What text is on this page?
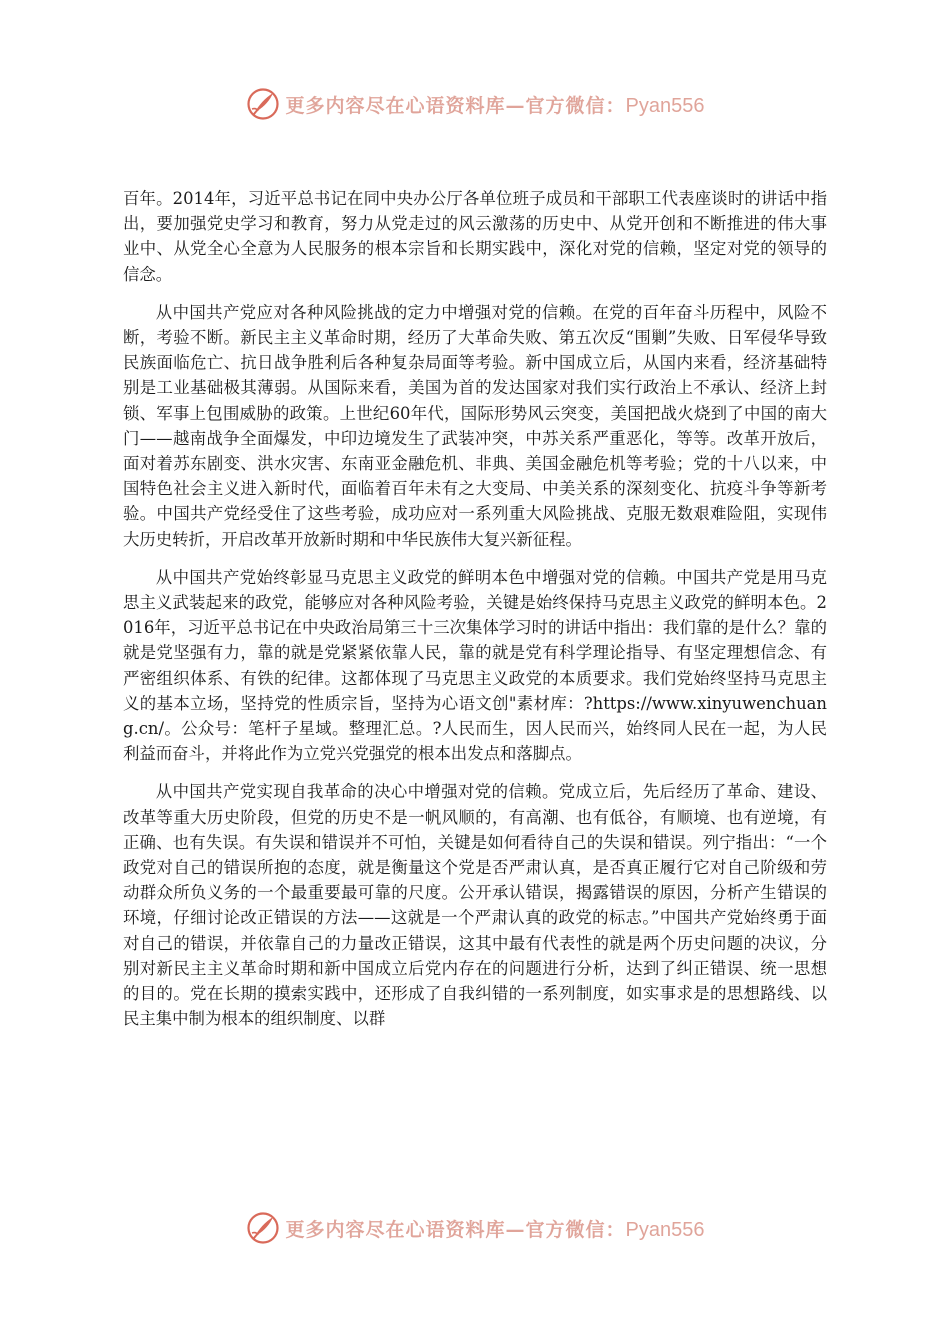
更多内容尽在心语资料库—官方微信：Pyan556

百年。2014年，习近平总书记在同中央办公厅各单位班子成员和干部职工代表座谈时的讲话中指出，要加强党史学习和教育，努力从党走过的风云激荡的历史中、从党开创和不断推进的伟大事业中、从党全心全意为人民服务的根本宗旨和长期实践中，深化对党的信赖，坚定对党的领导的信念。

从中国共产党应对各种风险挑战的定力中增强对党的信赖。在党的百年奋斗历程中，风险不断，考验不断。新民主主义革命时期，经历了大革命失败、第五次反“围剿”失败、日军侵华导致民族面临危亡、抗日战争胜利后各种复杂局面等考验。新中国成立后，从国内来看，经济基础特别是工业基础极其薄弱。从国际来看，美国为首的发达国家对我们实行政治上不承认、经济上封锁、军事上包围威胁的政策。上世纪60年代，国际形势风云突变，美国把战火烧到了中国的南大门——越南战争全面爆发，中印边境发生了武装冲突，中苏关系严重恶化，等等。改革开放后，面对着苏东剧变、洪水灾害、东南亚金融危机、非典、美国金融危机等考验；党的十八以来，中国特色社会主义进入新时代，面临着百年未有之大变局、中美关系的深刻变化、抗疫斗争等新考验。中国共产党经受住了这些考验，成功应对一系列重大风险挑战、克服无数艰难险阻，实现伟大历史转折，开启改革开放新时期和中华民族伟大复兴新征程。

从中国共产党始终彰显马克思主义政党的鲜明本色中增强对党的信赖。中国共产党是用马克思主义武装起来的政党，能够应对各种风险考验，关键是始终保持马克思主义政党的鲜明本色。2016年，习近平总书记在中央政治局第三十三次集体学习时的讲话中指出：我们靠的是什么？靠的就是党坚强有力，靠的就是党紧紧依靠人民，靠的就是党有科学理论指导、有坚定理想信念、有严密组织体系、有铁的纪律。这都体现了马克思主义政党的本质要求。我们党始终坚持马克思主义的基本立场，坚持党的性质宗旨，坚持为心语文创"素材库：?https://www.xinyuwenchuang.cn/。公众号：笔杆子星域。整理汇总。?人民而生，因人民而兴，始终同人民在一起，为人民利益而奋斗，并将此作为立党兴党强党的根本出发点和落脚点。

从中国共产党实现自我革命的决心中增强对党的信赖。党成立后，先后经历了革命、建设、改革等重大历史阶段，但党的历史不是一帆风顺的，有高潮、也有低谷，有顺境、也有逆境，有正确、也有失误。有失误和错误并不可怕，关键是如何看待自己的失误和错误。列宁指出：“一个政党对自己的错误所抱的态度，就是衡量这个党是否严肃认真，是否真正履行它对自己阶级和劳动群众所负义务的一个最重要最可靠的尺度。公开承认错误，揭露错误的原因，分析产生错误的环境，仔细讨论改正错误的方法——这就是一个严肃认真的政党的标志。”中国共产党始终勇于面对自己的错误，并依靠自己的力量改正错误，这其中最有代表性的就是两个历史问题的决议，分别对新民主主义革命时期和新中国成立后党内存在的问题进行分析，达到了纠正错误、统一思想的目的。党在长期的摸索实践中，还形成了自我纠错的一系列制度，如实事求是的思想路线、以民主集中制为根本的组织制度、以群

更多内容尽在心语资料库—官方微信：Pyan556
